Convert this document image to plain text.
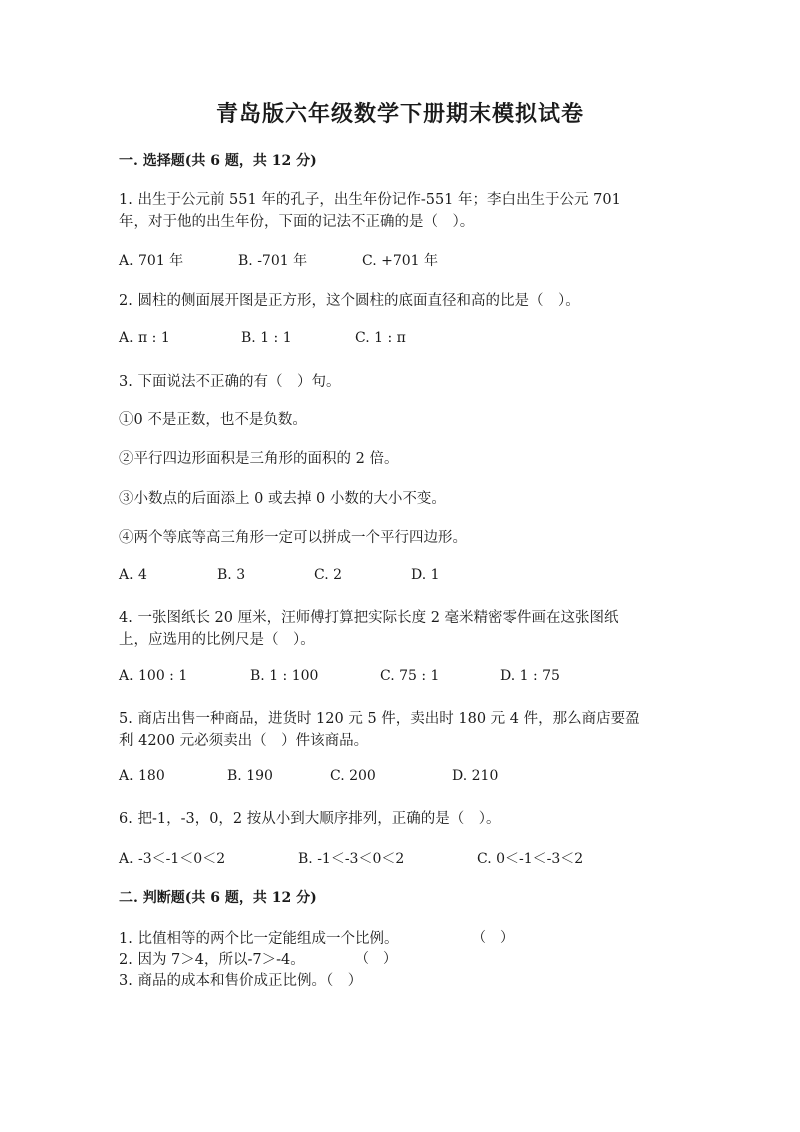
青岛版六年级数学下册期末模拟试卷
一. 选择题(共 6 题，共 12 分)
1. 出生于公元前 551 年的孔子，出生年份记作-551 年；李白出生于公元 701
年，对于他的出生年份，下面的记法不正确的是（　）。
A. 701 年	B. -701 年	C. +701 年
2. 圆柱的侧面展开图是正方形，这个圆柱的底面直径和高的比是（　）。
A. π : 1	B. 1 : 1	C. 1 : π
3. 下面说法不正确的有（　）句。
①0 不是正数，也不是负数。
②平行四边形面积是三角形的面积的 2 倍。
③小数点的后面添上 0 或去掉 0 小数的大小不变。
④两个等底等高三角形一定可以拼成一个平行四边形。
A. 4	B. 3	C. 2	D. 1
4. 一张图纸长 20 厘米，汪师傅打算把实际长度 2 毫米精密零件画在这张图纸
上，应选用的比例尺是（　）。
A. 100 : 1	B. 1 : 100	C. 75 : 1	D. 1 : 75
5. 商店出售一种商品，进货时 120 元 5 件，卖出时 180 元 4 件，那么商店要盈
利 4200 元必须卖出（　）件该商品。
A. 180	B. 190	C. 200	D. 210
6. 把-1，-3，0，2 按从小到大顺序排列，正确的是（　）。
A. -3＜-1＜0＜2	B. -1＜-3＜0＜2	C. 0＜-1＜-3＜2
二. 判断题(共 6 题，共 12 分)
1. 比值相等的两个比一定能组成一个比例。	（　）
2. 因为 7＞4，所以-7＞-4。	（　）
3. 商品的成本和售价成正比例。（　）
